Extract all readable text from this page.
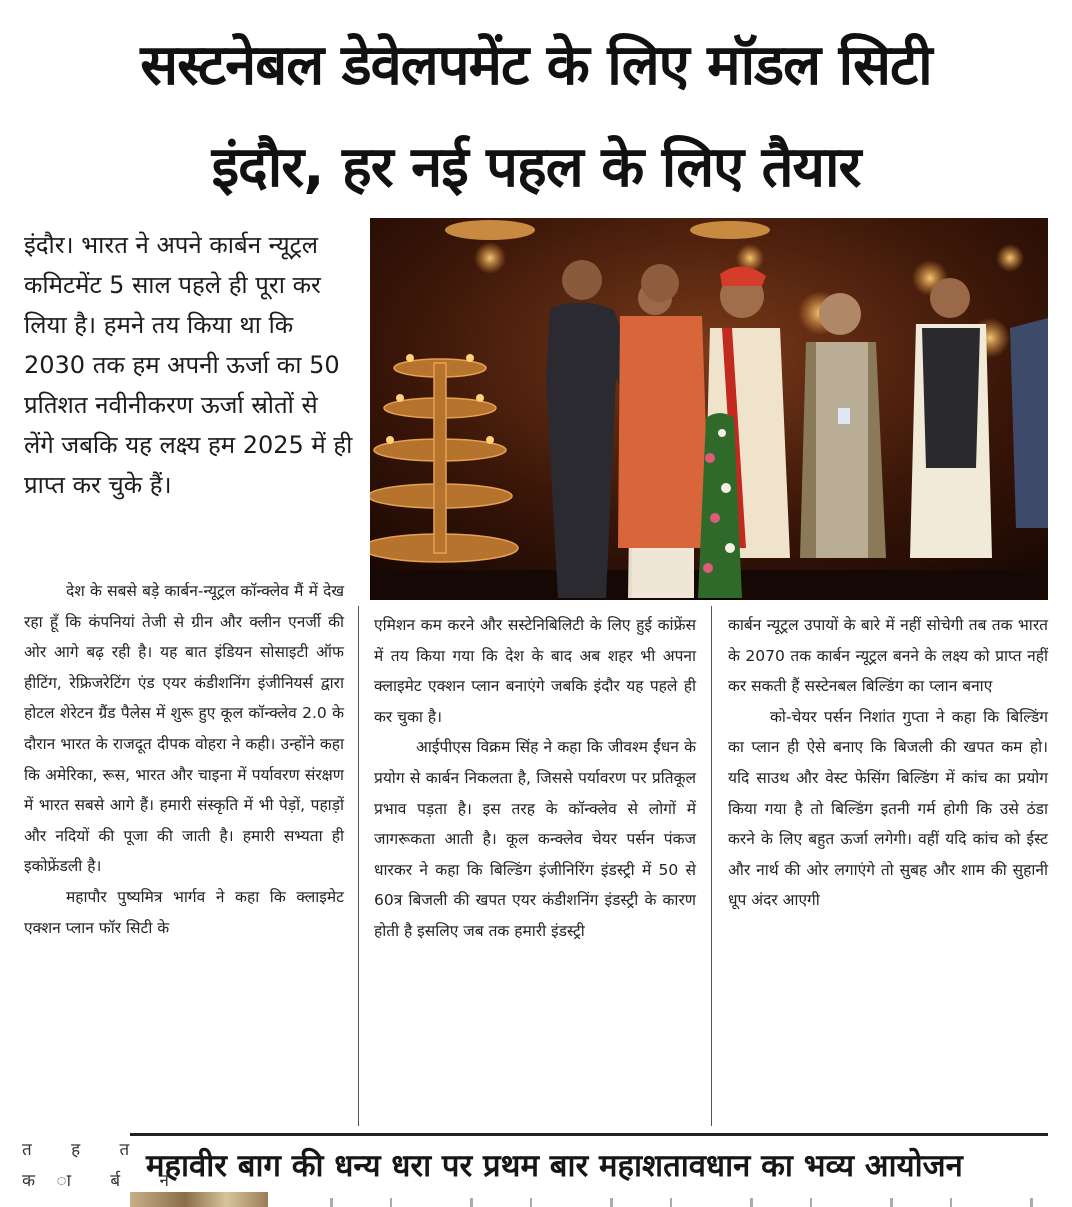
सस्टनेबल डेवेलपमेंट के लिए मॉडल सिटी
इंदौर, हर नई पहल के लिए तैयार

इंदौर। भारत ने अपने कार्बन न्यूट्रल कमिटमेंट 5 साल पहले ही पूरा कर लिया है। हमने तय किया था कि 2030 तक हम अपनी ऊर्जा का 50 प्रतिशत नवीनीकरण ऊर्जा स्रोतों से लेंगे जबकि यह लक्ष्य हम 2025 में ही प्राप्त कर चुके हैं।

देश के सबसे बड़े कार्बन-न्यूट्रल कॉन्क्लेव मैं में देख रहा हूँ कि कंपनियां तेजी से ग्रीन और क्लीन एनर्जी की ओर आगे बढ़ रही है। यह बात इंडियन सोसाइटी ऑफ हीटिंग, रेफ्रिजरेटिंग एंड एयर कंडीशनिंग इंजीनियर्स द्वारा होटल शेरेटन ग्रैंड पैलेस में शुरू हुए कूल कॉन्क्लेव 2.0 के दौरान भारत के राजदूत दीपक वोहरा ने कही। उन्होंने कहा कि अमेरिका, रूस, भारत और चाइना में पर्यावरण संरक्षण में भारत सबसे आगे हैं। हमारी संस्कृति में भी पेड़ों, पहाड़ों और नदियों की पूजा की जाती है। हमारी सभ्यता ही इकोफ्रेंडली है।

महापौर पुष्यमित्र भार्गव ने कहा कि क्लाइमेट एक्शन प्लान फॉर सिटी के

एमिशन कम करने और सस्टेनिबिलिटी के लिए हुई कांफ्रेंस में तय किया गया कि देश के बाद अब शहर भी अपना क्लाइमेट एक्शन प्लान बनाएंगे जबकि इंदौर यह पहले ही कर चुका है।

आईपीएस विक्रम सिंह ने कहा कि जीवश्म ईंधन के प्रयोग से कार्बन निकलता है, जिससे पर्यावरण पर प्रतिकूल प्रभाव पड़ता है। इस तरह के कॉन्क्लेव से लोगों में जागरूकता आती है। कूल कन्क्लेव चेयर पर्सन पंकज धारकर ने कहा कि बिल्डिंग इंजीनिरिंग इंडस्ट्री में 50 से 60त्र बिजली की खपत एयर कंडीशनिंग इंडस्ट्री के कारण होती है इसलिए जब तक हमारी इंडस्ट्री

कार्बन न्यूट्रल उपायों के बारे में नहीं सोचेगी तब तक भारत के 2070 तक कार्बन न्यूट्रल बनने के लक्ष्य को प्राप्त नहीं कर सकती हैं सस्टेनबल बिल्डिंग का प्लान बनाए

को-चेयर पर्सन निशांत गुप्ता ने कहा कि बिल्डिंग का प्लान ही ऐसे बनाए कि बिजली की खपत कम हो। यदि साउथ और वेस्ट फेसिंग बिल्डिंग में कांच का प्रयोग किया गया है तो बिल्डिंग इतनी गर्म होगी कि उसे ठंडा करने के लिए बहुत ऊर्जा लगेगी। वहीं यदि कांच को ईस्ट और नार्थ की ओर लगाएंगे तो सुबह और शाम की सुहानी धूप अंदर आएगी

त ह त

क ा र्ब न

महावीर बाग की धन्य धरा पर प्रथम बार महाशतावधान का भव्य आयोजन
